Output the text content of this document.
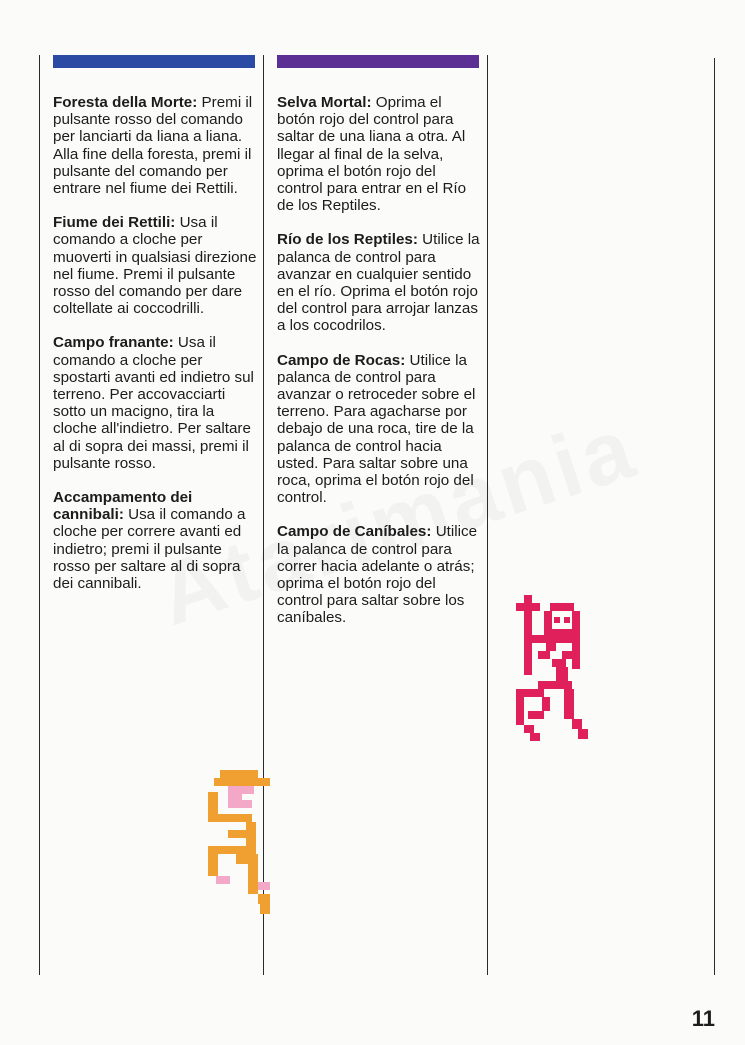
Foresta della Morte: Premi il pulsante rosso del comando per lanciarti da liana a liana. Alla fine della foresta, premi il pulsante del comando per entrare nel fiume dei Rettili.
Fiume dei Rettili: Usa il comando a cloche per muoverti in qualsiasi direzione nel fiume. Premi il pulsante rosso del comando per dare coltellate ai coccodrilli.
Campo franante: Usa il comando a cloche per spostarti avanti ed indietro sul terreno. Per accovacciarti sotto un macigno, tira la cloche all'indietro. Per saltare al di sopra dei massi, premi il pulsante rosso.
Accampamento dei cannibali: Usa il comando a cloche per correre avanti ed indietro; premi il pulsante rosso per saltare al di sopra dei cannibali.
Selva Mortal: Oprima el botón rojo del control para saltar de una liana a otra. Al llegar al final de la selva, oprima el botón rojo del control para entrar en el Río de los Reptiles.
Río de los Reptiles: Utilice la palanca de control para avanzar en cualquier sentido en el río. Oprima el botón rojo del control para arrojar lanzas a los cocodrilos.
Campo de Rocas: Utilice la palanca de control para avanzar o retroceder sobre el terreno. Para agacharse por debajo de una roca, tire de la palanca de control hacia usted. Para saltar sobre una roca, oprima el botón rojo del control.
Campo de Caníbales: Utilice la palanca de control para correr hacia adelante o atrás; oprima el botón rojo del control para saltar sobre los caníbales.
11
